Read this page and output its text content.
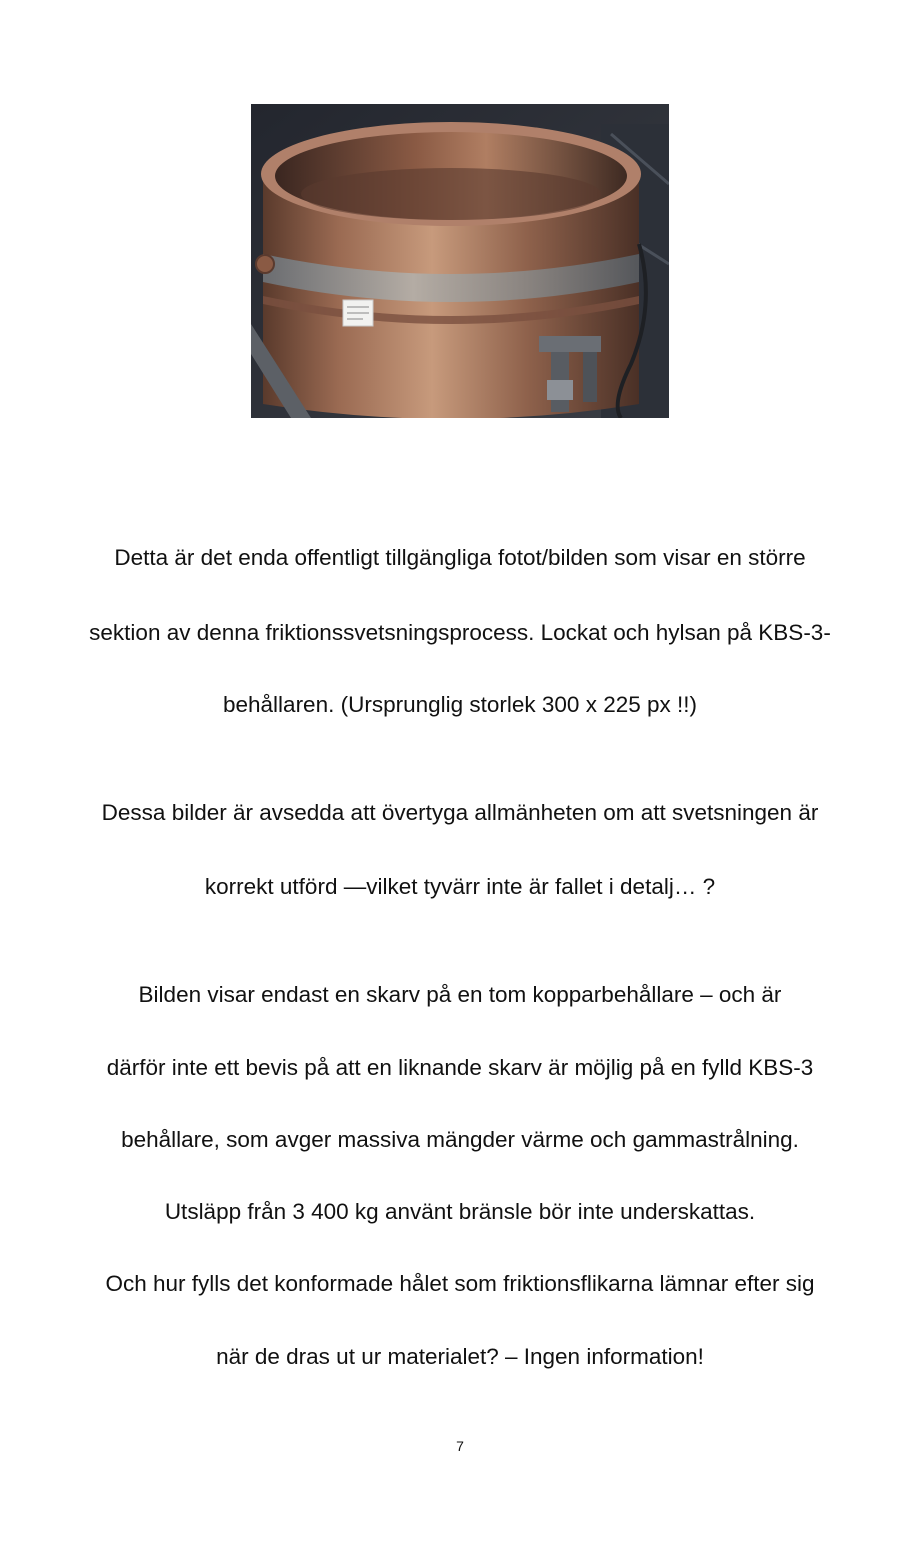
Detta är det enda offentligt tillgängliga fotot/bilden som visar en större
sektion av denna friktionssvetsningsprocess. Lockat och hylsan på KBS-3-
behållaren. (Ursprunglig storlek 300 x 225 px !!)
Dessa bilder är avsedda att övertyga allmänheten om att svetsningen är
korrekt utförd —vilket tyvärr inte är fallet i detalj… ?
Bilden visar endast en skarv på en tom kopparbehållare – och är
därför inte ett bevis på att en liknande skarv är möjlig på en fylld KBS-3
behållare, som avger massiva mängder värme och gammastrålning.
Utsläpp från 3 400 kg använt bränsle bör inte underskattas.
Och hur fylls det konformade hålet som friktionsflikarna lämnar efter sig
när de dras ut ur materialet? – Ingen information!
7
